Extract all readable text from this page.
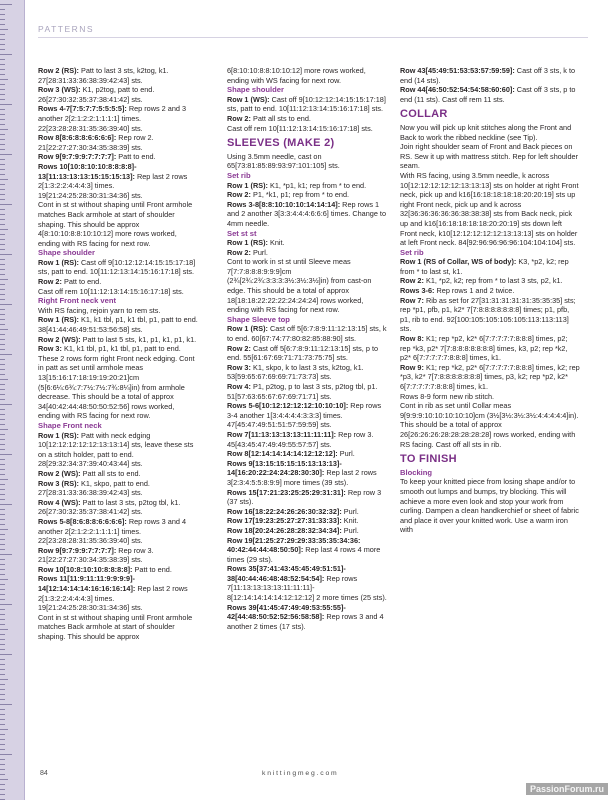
PATTERNS

Row 2 (RS): Patt to last 3 sts, k2tog, k1. 27[28:31:33:36:38:39:42:43] sts.

Row 3 (WS): K1, p2tog, patt to end. 26[27:30:32:35:37:38:41:42] sts.

Rows 4-7[7:5:7:7:5:5:5:5]: Rep rows 2 and 3 another 2[2:1:2:2:1:1:1:1] times. 22[23:28:28:31:35:36:39:40] sts.

Row 8[8:6:8:8:6:6:6:6]: Rep row 2. 21[22:27:27:30:34:35:38:39] sts.

Row 9[9:7:9:9:7:7:7:7]: Patt to end.

Rows 10[10:8:10:10:8:8:8:8]- 13[11:13:13:13:15:15:15:13]: Rep last 2 rows 2[1:3:2:2:4:4:4:3] times. 19[21:24:25:28:30:31:34:36] sts.

Cont in st st without shaping until Front armhole matches Back armhole at start of shoulder shaping. This should be approx 4[8:10:10:8:8:10:10:12] more rows worked, ending with RS facing for next row.

Shape shoulder

Row 1 (RS): Cast off 9[10:12:12:14:15:15:17:18] sts, patt to end. 10[11:12:13:14:15:16:17:18] sts.

Row 2: Patt to end.

Cast off rem 10[11:12:13:14:15:16:17:18] sts.

Right Front neck vent

With RS facing, rejoin yarn to rem sts.

Row 1 (RS): K1, k1 tbl, p1, k1 tbl, p1, patt to end. 38[41:44:46:49:51:53:56:58] sts.

Row 2 (WS): Patt to last 5 sts, k1, p1, k1, p1, k1.

Row 3: K1, k1 tbl, p1, k1 tbl, p1, patt to end. These 2 rows form right Front neck edging. Cont in patt as set until armhole meas 13[15:16:17:18:19:19:20:21]cm (5[6:6¼:6¾:7:7½:7½:7¾:8¼]in) from armhole decrease. This should be a total of approx 34[40:42:44:48:50:50:52:56] rows worked, ending with RS facing for next row.

Shape Front neck

Row 1 (RS): Patt with neck edging 10[12:12:12:12:12:13:13:14] sts, leave these sts on a stitch holder, patt to end. 28[29:32:34:37:39:40:43:44] sts.

Row 2 (WS): Patt all sts to end.

Row 3 (RS): K1, skpo, patt to end. 27[28:31:33:36:38:39:42:43] sts.

Row 4 (WS): Patt to last 3 sts, p2tog tbl, k1. 26[27:30:32:35:37:38:41:42] sts.

Rows 5-8[8:6:8:8:6:6:6:6]: Rep rows 3 and 4 another 2[2:1:2:2:1:1:1:1] times. 22[23:28:28:31:35:36:39:40] sts.

Row 9[9:7:9:9:7:7:7:7]: Rep row 3. 21[22:27:27:30:34:35:38:39] sts.

Row 10[10:8:10:10:8:8:8:8]: Patt to end.

Rows 11[11:9:11:11:9:9:9:9]- 14[12:14:14:14:16:16:16:14]: Rep last 2 rows 2[1:3:2:2:4:4:4:3] times. 19[21:24:25:28:30:31:34:36] sts.

Cont in st st without shaping until Front armhole matches Back armhole at start of shoulder shaping. This should be approx

6[8:10:10:8:8:10:10:12] more rows worked, ending with WS facing for next row.

Shape shoulder

Row 1 (WS): Cast off 9[10:12:12:14:15:15:17:18] sts, patt to end. 10[11:12:13:14:15:16:17:18] sts.

Row 2: Patt all sts to end.

Cast off rem 10[11:12:13:14:15:16:17:18] sts.

SLEEVES (MAKE 2)

Using 3.5mm needle, cast on 65[73:81:85:89:93:97:101:105] sts.

Set rib

Row 1 (RS): K1, *p1, k1; rep from * to end.

Row 2: P1, *k1, p1; rep from * to end.

Rows 3-8[8:8:10:10:10:14:14:14]: Rep rows 1 and 2 another 3[3:3:4:4:4:6:6:6] times. Change to 4mm needle.

Set st st

Row 1 (RS): Knit.

Row 2: Purl.

Cont to work in st st until Sleeve meas 7[7:7:8:8:8:9:9:9]cm (2¾[2¾:2¾:3:3:3:3½:3½:3½]in) from cast-on edge. This should be a total of approx 18[18:18:22:22:22:24:24:24] rows worked, ending with RS facing for next row.

Shape Sleeve top

Row 1 (RS): Cast off 5[6:7:8:9:11:12:13:15] sts, k to end. 60[67:74:77:80:82:85:88:90] sts.

Row 2: Cast off 5[6:7:8:9:11:12:13:15] sts, p to end. 55[61:67:69:71:71:73:75:75] sts.

Row 3: K1, skpo, k to last 3 sts, k2tog, k1. 53[59:65:67:69:69:71:73:73] sts.

Row 4: P1, p2tog, p to last 3 sts, p2tog tbl, p1. 51[57:63:65:67:67:69:71:71] sts.

Rows 5-6[10:12:12:12:12:10:10:10]: Rep rows 3-4 another 1[3:4:4:4:4:3:3:3] times. 47[45:47:49:51:51:57:59:59] sts.

Row 7[11:13:13:13:13:11:11:11]: Rep row 3. 45[43:45:47:49:49:55:57:57] sts.

Row 8[12:14:14:14:14:12:12:12]: Purl.

Rows 9[13:15:15:15:15:13:13:13]- 14[16:20:22:24:24:28:30:30]: Rep last 2 rows 3[2:3:4:5:5:8:9:9] more times (39 sts).

Rows 15[17:21:23:25:25:29:31:31]: Rep row 3 (37 sts).

Row 16[18:22:24:26:26:30:32:32]: Purl.

Row 17[19:23:25:27:27:31:33:33]: Knit.

Row 18[20:24:26:28:28:32:34:34]: Purl.

Row 19[21:25:27:29:29:33:35:35:34:36: 40:42:44:44:48:50:50]: Rep last 4 rows 4 more times (29 sts).

Rows 35[37:41:43:45:45:49:51:51]- 38[40:44:46:48:48:52:54:54]: Rep rows 7[11:13:13:13:13:11:11:11]- 8[12:14:14:14:14:12:12:12] 2 more times (25 sts).

Rows 39[41:45:47:49:49:53:55:55]- 42[44:48:50:52:52:56:58:58]: Rep rows 3 and 4 another 2 times (17 sts).

Row 43[45:49:51:53:53:57:59:59]: Cast off 3 sts, k to end (14 sts).

Row 44[46:50:52:54:54:58:60:60]: Cast off 3 sts, p to end (11 sts). Cast off rem 11 sts.

COLLAR

Now you will pick up knit stitches along the Front and Back to work the ribbed neckline (see Tip).

Join right shoulder seam of Front and Back pieces on RS. Sew it up with mattress stitch. Rep for left shoulder seam.

With RS facing, using 3.5mm needle, k across 10[12:12:12:12:12:13:13:13] sts on holder at right Front neck, pick up and k16[16:18:18:18:18:20:20:19] sts up right Front neck, pick up and k across 32[36:36:36:36:36:38:38:38] sts from Back neck, pick up and k16[16:18:18:18:18:20:20:19] sts down left Front neck, k10[12:12:12:12:12:13:13:13] sts on holder at left Front neck. 84[92:96:96:96:96:104:104:104] sts.

Set rib

Row 1 (RS of Collar, WS of body): K3, *p2, k2; rep from * to last st, k1.

Row 2: K1, *p2, k2; rep from * to last 3 sts, p2, k1.

Rows 3-6: Rep rows 1 and 2 twice.

Row 7: Rib as set for 27[31:31:31:31:31:35:35:35] sts; rep *p1, pfb, p1, k2* 7[7:8:8:8:8:8:8:8] times; p1, pfb, p1, rib to end. 92[100:105:105:105:105:113:113:113] sts.

Row 8: K1; rep *p2, k2* 6[7:7:7:7:7:8:8:8] times, p2; rep *k3, p2* 7[7:8:8:8:8:8:8:8] times, k3, p2; rep *k2, p2* 6[7:7:7:7:7:8:8:8] times, k1.

Row 9: K1; rep *k2, p2* 6[7:7:7:7:7:8:8:8] times, k2; rep *p3, k2* 7[7:8:8:8:8:8:8:8] times, p3, k2; rep *p2, k2* 6[7:7:7:7:7:8:8:8] times, k1.

Rows 8-9 form new rib stitch.

Cont in rib as set until Collar meas 9[9:9:9:10:10:10:10:10]cm (3½[3½:3½:3½:4:4:4:4:4]in). This should be a total of approx 26[26:26:26:28:28:28:28:28] rows worked, ending with RS facing. Cast off all sts in rib.

TO FINISH

Blocking

To keep your knitted piece from losing shape and/or to smooth out lumps and bumps, try blocking. This will achieve a more even look and stop your work from curling. Dampen a clean handkerchief or sheet of fabric and place it over your knitted work. Use a warm iron with

84	knittingmeg.com
PassionForum.ru
